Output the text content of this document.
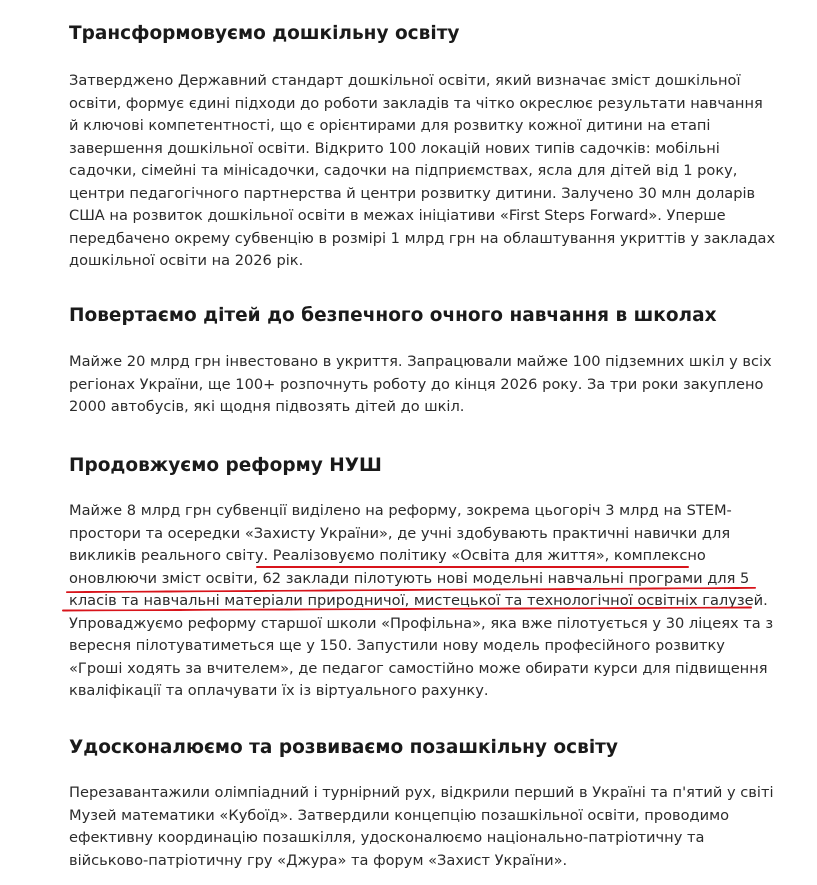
Трансформовуємо дошкільну освіту

Затверджено Державний стандарт дошкільної освіти, який визначає зміст дошкільної
освіти, формує єдині підходи до роботи закладів та чітко окреслює результати навчання
й ключові компетентності, що є орієнтирами для розвитку кожної дитини на етапі
завершення дошкільної освіти. Відкрито 100 локацій нових типів садочків: мобільні
садочки, сімейні та мінісадочки, садочки на підприємствах, ясла для дітей від 1 року,
центри педагогічного партнерства й центри розвитку дитини. Залучено 30 млн доларів
США на розвиток дошкільної освіти в межах ініціативи «First Steps Forward». Уперше
передбачено окрему субвенцію в розмірі 1 млрд грн на облаштування укриттів у закладах
дошкільної освіти на 2026 рік.

Повертаємо дітей до безпечного очного навчання в школах

Майже 20 млрд грн інвестовано в укриття. Запрацювали майже 100 підземних шкіл у всіх
регіонах України, ще 100+ розпочнуть роботу до кінця 2026 року. За три роки закуплено
2000 автобусів, які щодня підвозять дітей до шкіл.

Продовжуємо реформу НУШ

Майже 8 млрд грн субвенції виділено на реформу, зокрема цьогоріч 3 млрд на STEM-
простори та осередки «Захисту України», де учні здобувають практичні навички для
викликів реального світу. Реалізовуємо політику «Освіта для життя», комплексно
оновлюючи зміст освіти, 62 заклади пілотують нові модельні навчальні програми для 5
класів та навчальні матеріали природничої, мистецької та технологічної освітніх галузей.
Упроваджуємо реформу старшої школи «Профільна», яка вже пілотується у 30 ліцеях та з
вересня пілотуватиметься ще у 150. Запустили нову модель професійного розвитку
«Гроші ходять за вчителем», де педагог самостійно може обирати курси для підвищення
кваліфікації та оплачувати їх із віртуального рахунку.

Удосконалюємо та розвиваємо позашкільну освіту

Перезавантажили олімпіадний і турнірний рух, відкрили перший в Україні та п'ятий у світі
Музей математики «Кубоїд». Затвердили концепцію позашкільної освіти, проводимо
ефективну координацію позашкілля, удосконалюємо національно-патріотичну та
військово-патріотичну гру «Джура» та форум «Захист України».
